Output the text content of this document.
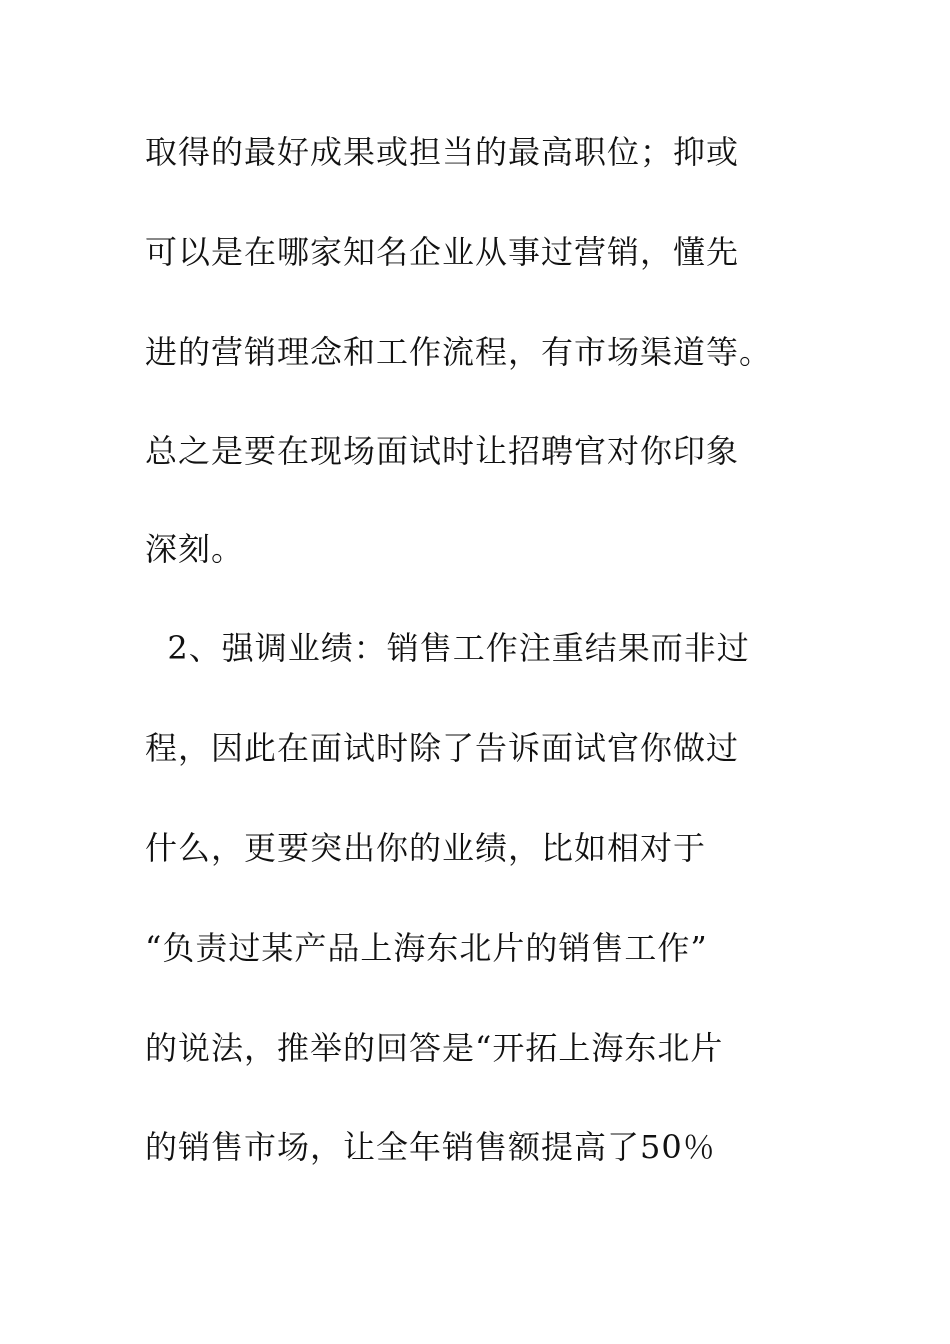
取得的最好成果或担当的最高职位；抑或
可以是在哪家知名企业从事过营销，懂先
进的营销理念和工作流程，有市场渠道等。
总之是要在现场面试时让招聘官对你印象
深刻。
2、强调业绩：销售工作注重结果而非过
程，因此在面试时除了告诉面试官你做过
什么，更要突出你的业绩，比如相对于
“负责过某产品上海东北片的销售工作”
的说法，推举的回答是“开拓上海东北片
的销售市场，让全年销售额提高了50％
